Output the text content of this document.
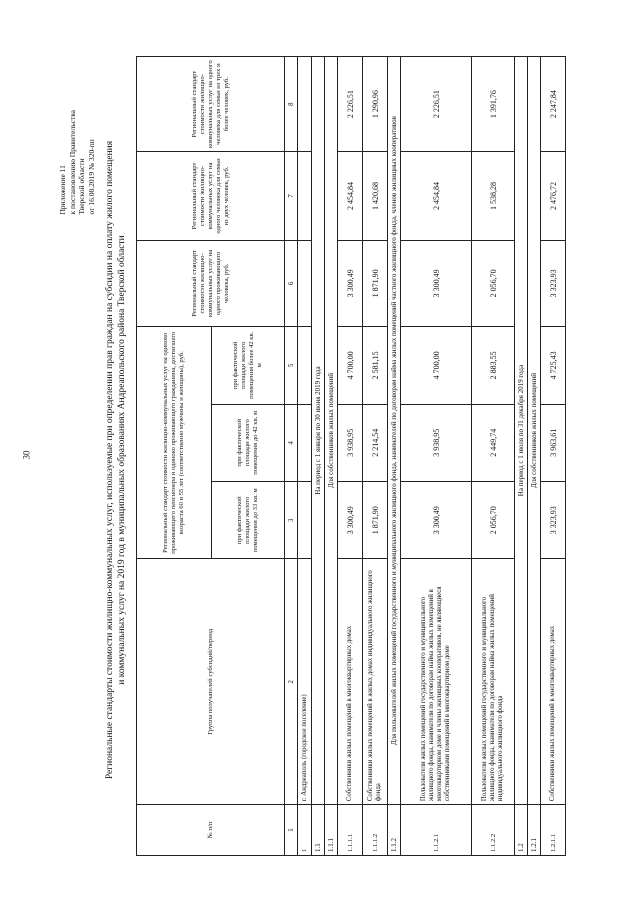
30
Приложение 11 к постановлению Правительства Тверской области от 16.08.2019 № 320-пп Региональные стандарты стоимости жилищно-коммунальных услуг, используемые при определении прав граждан на субсидии на оплату жилого помещения и коммунальных услуг на 2019 год в муниципальных образованиях Андреапольского района Тверской области
№ п/п	Группа получателей субсидий/период	Региональный стандарт стоимости жилищно-коммунальных услуг на одиноко проживающего пенсионера и одиноко проживающего гражданина, достигшего возраста 60 и 55 лет (соответственно мужчины и женщины), руб.			Региональный стандарт стоимости жилищно-коммунальных услуг на одного проживающего человека, руб.	Региональный стандарт стоимости жилищно-коммунальных услуг на одного человека для семьи из двух человек, руб.	Региональный стандарт стоимости жилищно-коммунальных услуг на одного человека для семьи из трех и более человек, руб.
		при фактической площади жилого помещения до 33 кв. м	при фактической площади жилого помещения до 42 кв. м	при фактической площади жилого помещения более 42 кв. м			
1	2	3	4	5	6	7	8
1	г. Андреаполь (городское поселение)						
1.1	На период с 1 января по 30 июня 2019 года						
1.1.1	Для собственников жилых помещений						
1.1.1.1	Собственники жилых помещений в многоквартирных домах	3 300,49	3 938,95	4 700,00	3 300,49	2 454,84	2 226,51
1.1.1.2	Собственники жилых помещений в жилых домах индивидуального жилищного фонда	1 871,90	2 214,54	2 581,15	1 871,90	1 420,68	1 290,96
1.1.2	Для пользователей жилых помещений государственного и муниципального жилищного фонда, нанимателей по договорам найма жилых помещений частного жилищного фонда, членов жилищных кооперативов						
1.1.2.1	Пользователи жилых помещений государственного и муниципального жилищного фонда, наниматели по договорам найма жилых помещений в многоквартирном доме и члены жилищных кооперативов, не являющиеся собственниками помещений в многоквартирном доме	3 300,49	3 938,95	4 700,00	3 300,49	2 454,84	2 226,51
1.1.2.2	Пользователи жилых помещений государственного и муниципального жилищного фонда, наниматели по договорам найма жилых помещений индивидуального жилищного фонда	2 056,70	2 449,74	2 883,55	2 056,70	1 538,28	1 391,76
1.2	На период с 1 июля по 31 декабря 2019 года						
1.2.1	Для собственников жилых помещений						
1.2.1.1	Собственники жилых помещений в многоквартирных домах	3 323,93	3 963,61	4 725,43	3 323,93	2 476,72	2 247,84
